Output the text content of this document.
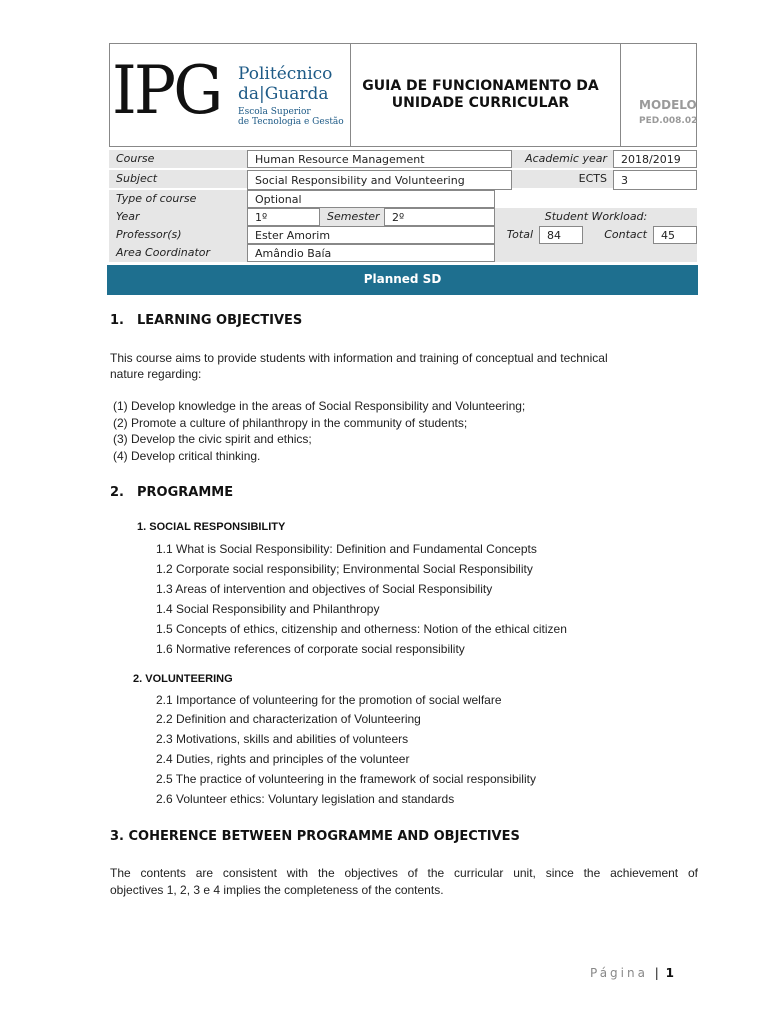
IPG Politécnico
da|Guarda
Escola Superior
de Tecnologia e Gestão
GUIA DE FUNCIONAMENTO DA
UNIDADE CURRICULAR	MODELO
PED.008.02
Course	Human Resource Management	Academic year	2018/2019
Subject	Social Responsibility and Volunteering	ECTS	3
Type of course	Optional
Year	1º	Semester	2º	Student Workload:
Professor(s)	Ester Amorim	Total	84	Contact	45
Area Coordinator	Amândio Baía
Planned SD
1. LEARNING OBJECTIVES
This course aims to provide students with information and training of conceptual and technical
nature regarding:
(1) Develop knowledge in the areas of Social Responsibility and Volunteering;
(2) Promote a culture of philanthropy in the community of students;
(3) Develop the civic spirit and ethics;
(4) Develop critical thinking.
2. PROGRAMME
1. SOCIAL RESPONSIBILITY
1.1 What is Social Responsibility: Definition and Fundamental Concepts
1.2 Corporate social responsibility; Environmental Social Responsibility
1.3 Areas of intervention and objectives of Social Responsibility
1.4 Social Responsibility and Philanthropy
1.5 Concepts of ethics, citizenship and otherness: Notion of the ethical citizen
1.6 Normative references of corporate social responsibility
2. VOLUNTEERING
2.1 Importance of volunteering for the promotion of social welfare
2.2 Definition and characterization of Volunteering
2.3 Motivations, skills and abilities of volunteers
2.4 Duties, rights and principles of the volunteer
2.5 The practice of volunteering in the framework of social responsibility
2.6 Volunteer ethics: Voluntary legislation and standards
3. COHERENCE BETWEEN PROGRAMME AND OBJECTIVES
The contents are consistent with the objectives of the curricular unit, since the achievement of
objectives 1, 2, 3 e 4 implies the completeness of the contents.
Página | 1
